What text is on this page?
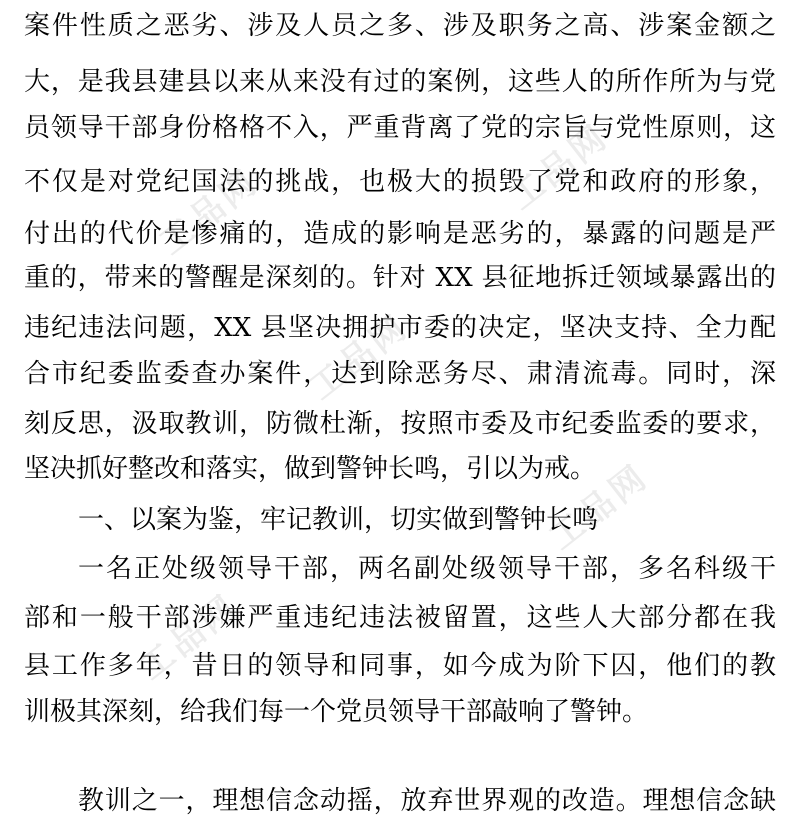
工品网	工品网
工品网
工品网
工品网
案件性质之恶劣、涉及人员之多、涉及职务之高、涉案金额之
大，是我县建县以来从来没有过的案例，这些人的所作所为与党
员领导干部身份格格不入，严重背离了党的宗旨与党性原则，这
不仅是对党纪国法的挑战，也极大的损毁了党和政府的形象，
付出的代价是惨痛的，造成的影响是恶劣的，暴露的问题是严
重的，带来的警醒是深刻的。针对 XX 县征地拆迁领域暴露出的
违纪违法问题，XX 县坚决拥护市委的决定，坚决支持、全力配
合市纪委监委查办案件，达到除恶务尽、肃清流毒。同时，深
刻反思，汲取教训，防微杜渐，按照市委及市纪委监委的要求，
坚决抓好整改和落实，做到警钟长鸣，引以为戒。
一、以案为鉴，牢记教训，切实做到警钟长鸣
一名正处级领导干部，两名副处级领导干部，多名科级干
部和一般干部涉嫌严重违纪违法被留置，这些人大部分都在我
县工作多年，昔日的领导和同事，如今成为阶下囚，他们的教
训极其深刻，给我们每一个党员领导干部敲响了警钟。
教训之一，理想信念动摇，放弃世界观的改造。理想信念缺
